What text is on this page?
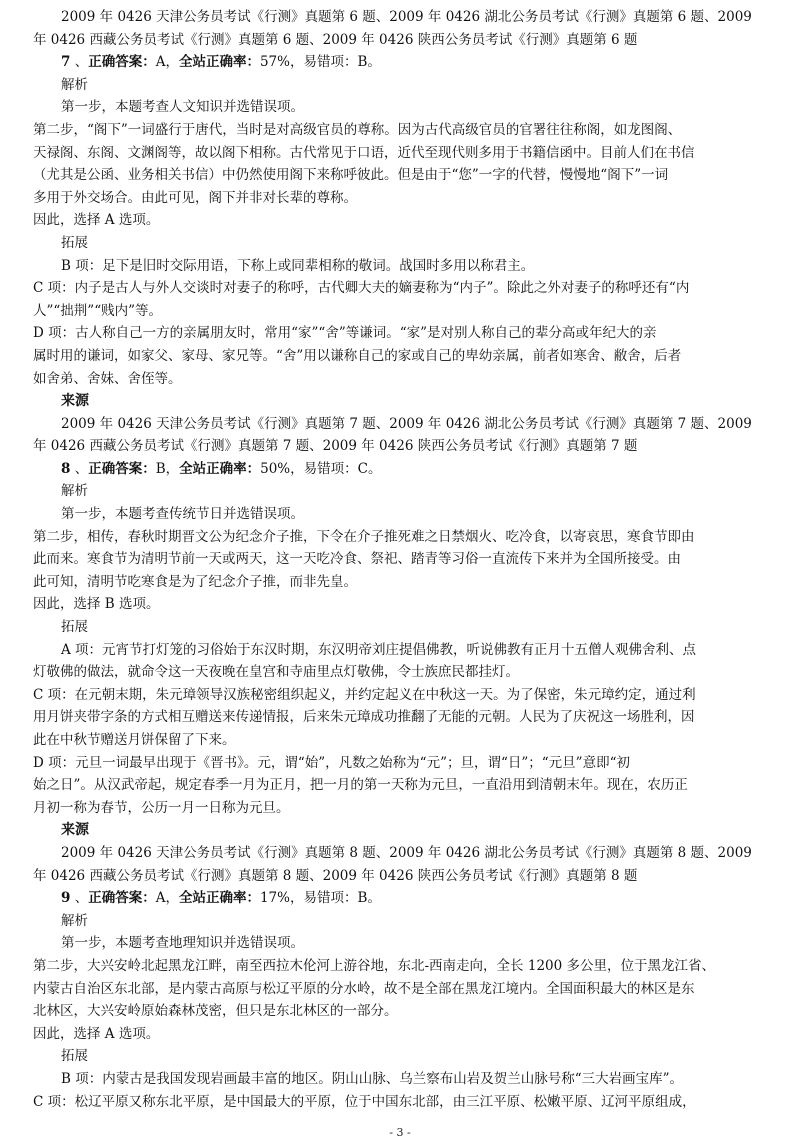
2009 年 0426 天津公务员考试《行测》真题第 6 题、2009 年 0426 湖北公务员考试《行测》真题第 6 题、2009
年 0426 西藏公务员考试《行测》真题第 6 题、2009 年 0426 陕西公务员考试《行测》真题第 6 题
7 、正确答案：A，全站正确率：57%，易错项：B。
解析
第一步，本题考查人文知识并选错误项。
第二步，“阁下”一词盛行于唐代，当时是对高级官员的尊称。因为古代高级官员的官署往往称阁，如龙图阁、
天禄阁、东阁、文渊阁等，故以阁下相称。古代常见于口语，近代至现代则多用于书籍信函中。目前人们在书信
（尤其是公函、业务相关书信）中仍然使用阁下来称呼彼此。但是由于“您”一字的代替，慢慢地“阁下”一词
多用于外交场合。由此可见，阁下并非对长辈的尊称。
因此，选择 A 选项。
拓展
B 项：足下是旧时交际用语，下称上或同辈相称的敬词。战国时多用以称君主。
C 项：内子是古人与外人交谈时对妻子的称呼，古代卿大夫的嫡妻称为“内子”。除此之外对妻子的称呼还有“内
人”“拙荆”“贱内”等。
D 项：古人称自己一方的亲属朋友时，常用“家”“舍”等谦词。“家”是对别人称自己的辈分高或年纪大的亲
属时用的谦词，如家父、家母、家兄等。“舍”用以谦称自己的家或自己的卑幼亲属，前者如寒舍、敝舍，后者
如舍弟、舍妹、舍侄等。
来源
2009 年 0426 天津公务员考试《行测》真题第 7 题、2009 年 0426 湖北公务员考试《行测》真题第 7 题、2009
年 0426 西藏公务员考试《行测》真题第 7 题、2009 年 0426 陕西公务员考试《行测》真题第 7 题
8 、正确答案：B，全站正确率：50%，易错项：C。
解析
第一步，本题考查传统节日并选错误项。
第二步，相传，春秋时期晋文公为纪念介子推，下令在介子推死难之日禁烟火、吃冷食，以寄哀思，寒食节即由
此而来。寒食节为清明节前一天或两天，这一天吃冷食、祭祀、踏青等习俗一直流传下来并为全国所接受。由
此可知，清明节吃寒食是为了纪念介子推，而非先皇。
因此，选择 B 选项。
拓展
A 项：元宵节打灯笼的习俗始于东汉时期，东汉明帝刘庄提倡佛教，听说佛教有正月十五僧人观佛舍利、点
灯敬佛的做法，就命令这一天夜晚在皇宫和寺庙里点灯敬佛，令士族庶民都挂灯。
C 项：在元朝末期，朱元璋领导汉族秘密组织起义，并约定起义在中秋这一天。为了保密，朱元璋约定，通过利
用月饼夹带字条的方式相互赠送来传递情报，后来朱元璋成功推翻了无能的元朝。人民为了庆祝这一场胜利，因
此在中秋节赠送月饼保留了下来。
D 项：元旦一词最早出现于《晋书》。元，谓“始”，凡数之始称为“元”；旦，谓“日”；“元旦”意即“初
始之日”。从汉武帝起，规定春季一月为正月，把一月的第一天称为元旦，一直沿用到清朝末年。现在，农历正
月初一称为春节，公历一月一日称为元旦。
来源
2009 年 0426 天津公务员考试《行测》真题第 8 题、2009 年 0426 湖北公务员考试《行测》真题第 8 题、2009
年 0426 西藏公务员考试《行测》真题第 8 题、2009 年 0426 陕西公务员考试《行测》真题第 8 题
9 、正确答案：A，全站正确率：17%，易错项：B。
解析
第一步，本题考查地理知识并选错误项。
第二步，大兴安岭北起黑龙江畔，南至西拉木伦河上游谷地，东北-西南走向，全长 1200 多公里，位于黑龙江省、
内蒙古自治区东北部，是内蒙古高原与松辽平原的分水岭，故不是全部在黑龙江境内。全国面积最大的林区是东
北林区，大兴安岭原始森林茂密，但只是东北林区的一部分。
因此，选择 A 选项。
拓展
B 项：内蒙古是我国发现岩画最丰富的地区。阴山山脉、乌兰察布山岩及贺兰山脉号称“三大岩画宝库”。
C 项：松辽平原又称东北平原，是中国最大的平原，位于中国东北部，由三江平原、松嫩平原、辽河平原组成，
- 3 -
